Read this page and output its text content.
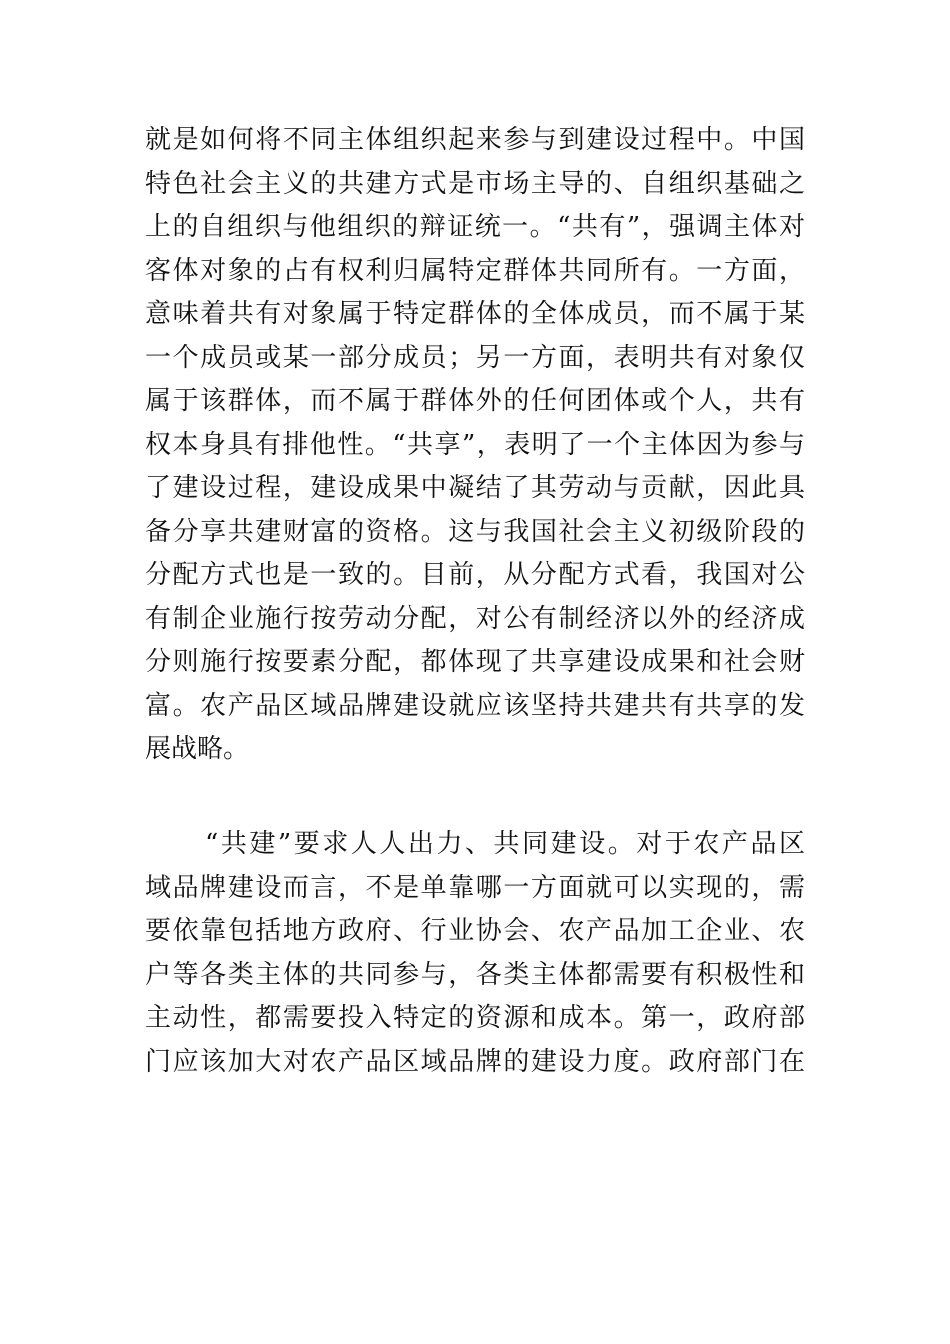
就是如何将不同主体组织起来参与到建设过程中。中国
特色社会主义的共建方式是市场主导的、自组织基础之
上的自组织与他组织的辩证统一。“共有”，强调主体对
客体对象的占有权利归属特定群体共同所有。一方面，
意味着共有对象属于特定群体的全体成员，而不属于某
一个成员或某一部分成员；另一方面，表明共有对象仅
属于该群体，而不属于群体外的任何团体或个人，共有
权本身具有排他性。“共享”，表明了一个主体因为参与
了建设过程，建设成果中凝结了其劳动与贡献，因此具
备分享共建财富的资格。这与我国社会主义初级阶段的
分配方式也是一致的。目前，从分配方式看，我国对公
有制企业施行按劳动分配，对公有制经济以外的经济成
分则施行按要素分配，都体现了共享建设成果和社会财
富。农产品区域品牌建设就应该坚持共建共有共享的发
展战略。
“共建”要求人人出力、共同建设。对于农产品区
域品牌建设而言，不是单靠哪一方面就可以实现的，需
要依靠包括地方政府、行业协会、农产品加工企业、农
户等各类主体的共同参与，各类主体都需要有积极性和
主动性，都需要投入特定的资源和成本。第一，政府部
门应该加大对农产品区域品牌的建设力度。政府部门在
